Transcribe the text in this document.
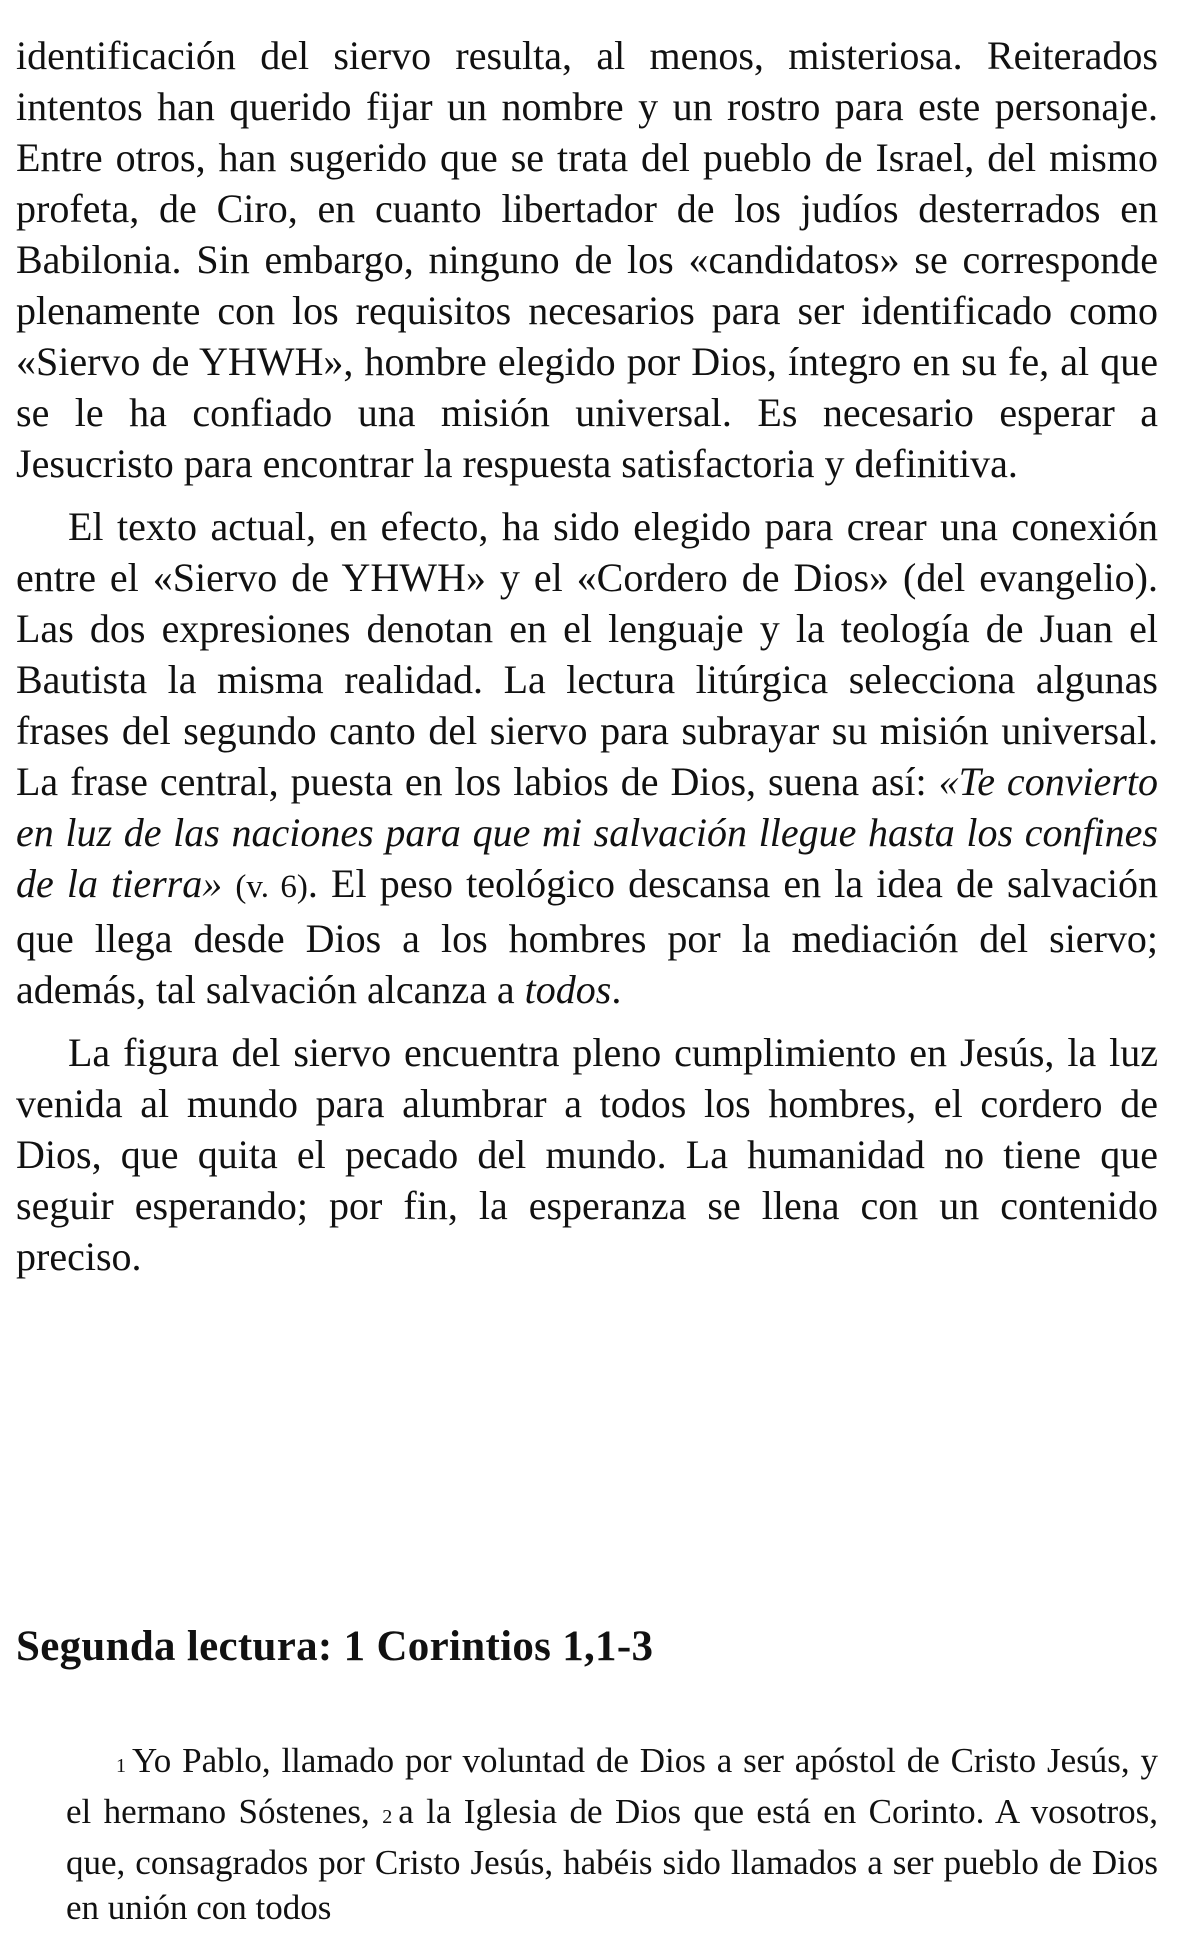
identificación del siervo resulta, al menos, misteriosa. Reiterados intentos han querido fijar un nombre y un rostro para este personaje. Entre otros, han sugerido que se trata del pueblo de Israel, del mismo profeta, de Ciro, en cuanto libertador de los judíos desterrados en Babilonia. Sin embargo, ninguno de los «candidatos» se corresponde plenamente con los requisitos necesarios para ser identificado como «Siervo de YHWH», hombre elegido por Dios, íntegro en su fe, al que se le ha confiado una misión universal. Es necesario esperar a Jesucristo para encontrar la respuesta satisfactoria y definitiva.

El texto actual, en efecto, ha sido elegido para crear una conexión entre el «Siervo de YHWH» y el «Cordero de Dios» (del evangelio). Las dos expresiones denotan en el lenguaje y la teología de Juan el Bautista la misma realidad. La lectura litúrgica selecciona algunas frases del segundo canto del siervo para subrayar su misión universal. La frase central, puesta en los labios de Dios, suena así: «Te convierto en luz de las naciones para que mi salvación llegue hasta los confines de la tierra» (v. 6). El peso teológico descansa en la idea de salvación que llega desde Dios a los hombres por la mediación del siervo; además, tal salvación alcanza a todos.

La figura del siervo encuentra pleno cumplimiento en Jesús, la luz venida al mundo para alumbrar a todos los hombres, el cordero de Dios, que quita el pecado del mundo. La humanidad no tiene que seguir esperando; por fin, la esperanza se llena con un contenido preciso.

Segunda lectura: 1 Corintios 1,1-3

1 Yo Pablo, llamado por voluntad de Dios a ser apóstol de Cristo Jesús, y el hermano Sóstenes, 2 a la Iglesia de Dios que está en Corinto. A vosotros, que, consagrados por Cristo Jesús, habéis sido llamados a ser pueblo de Dios en unión con todos
